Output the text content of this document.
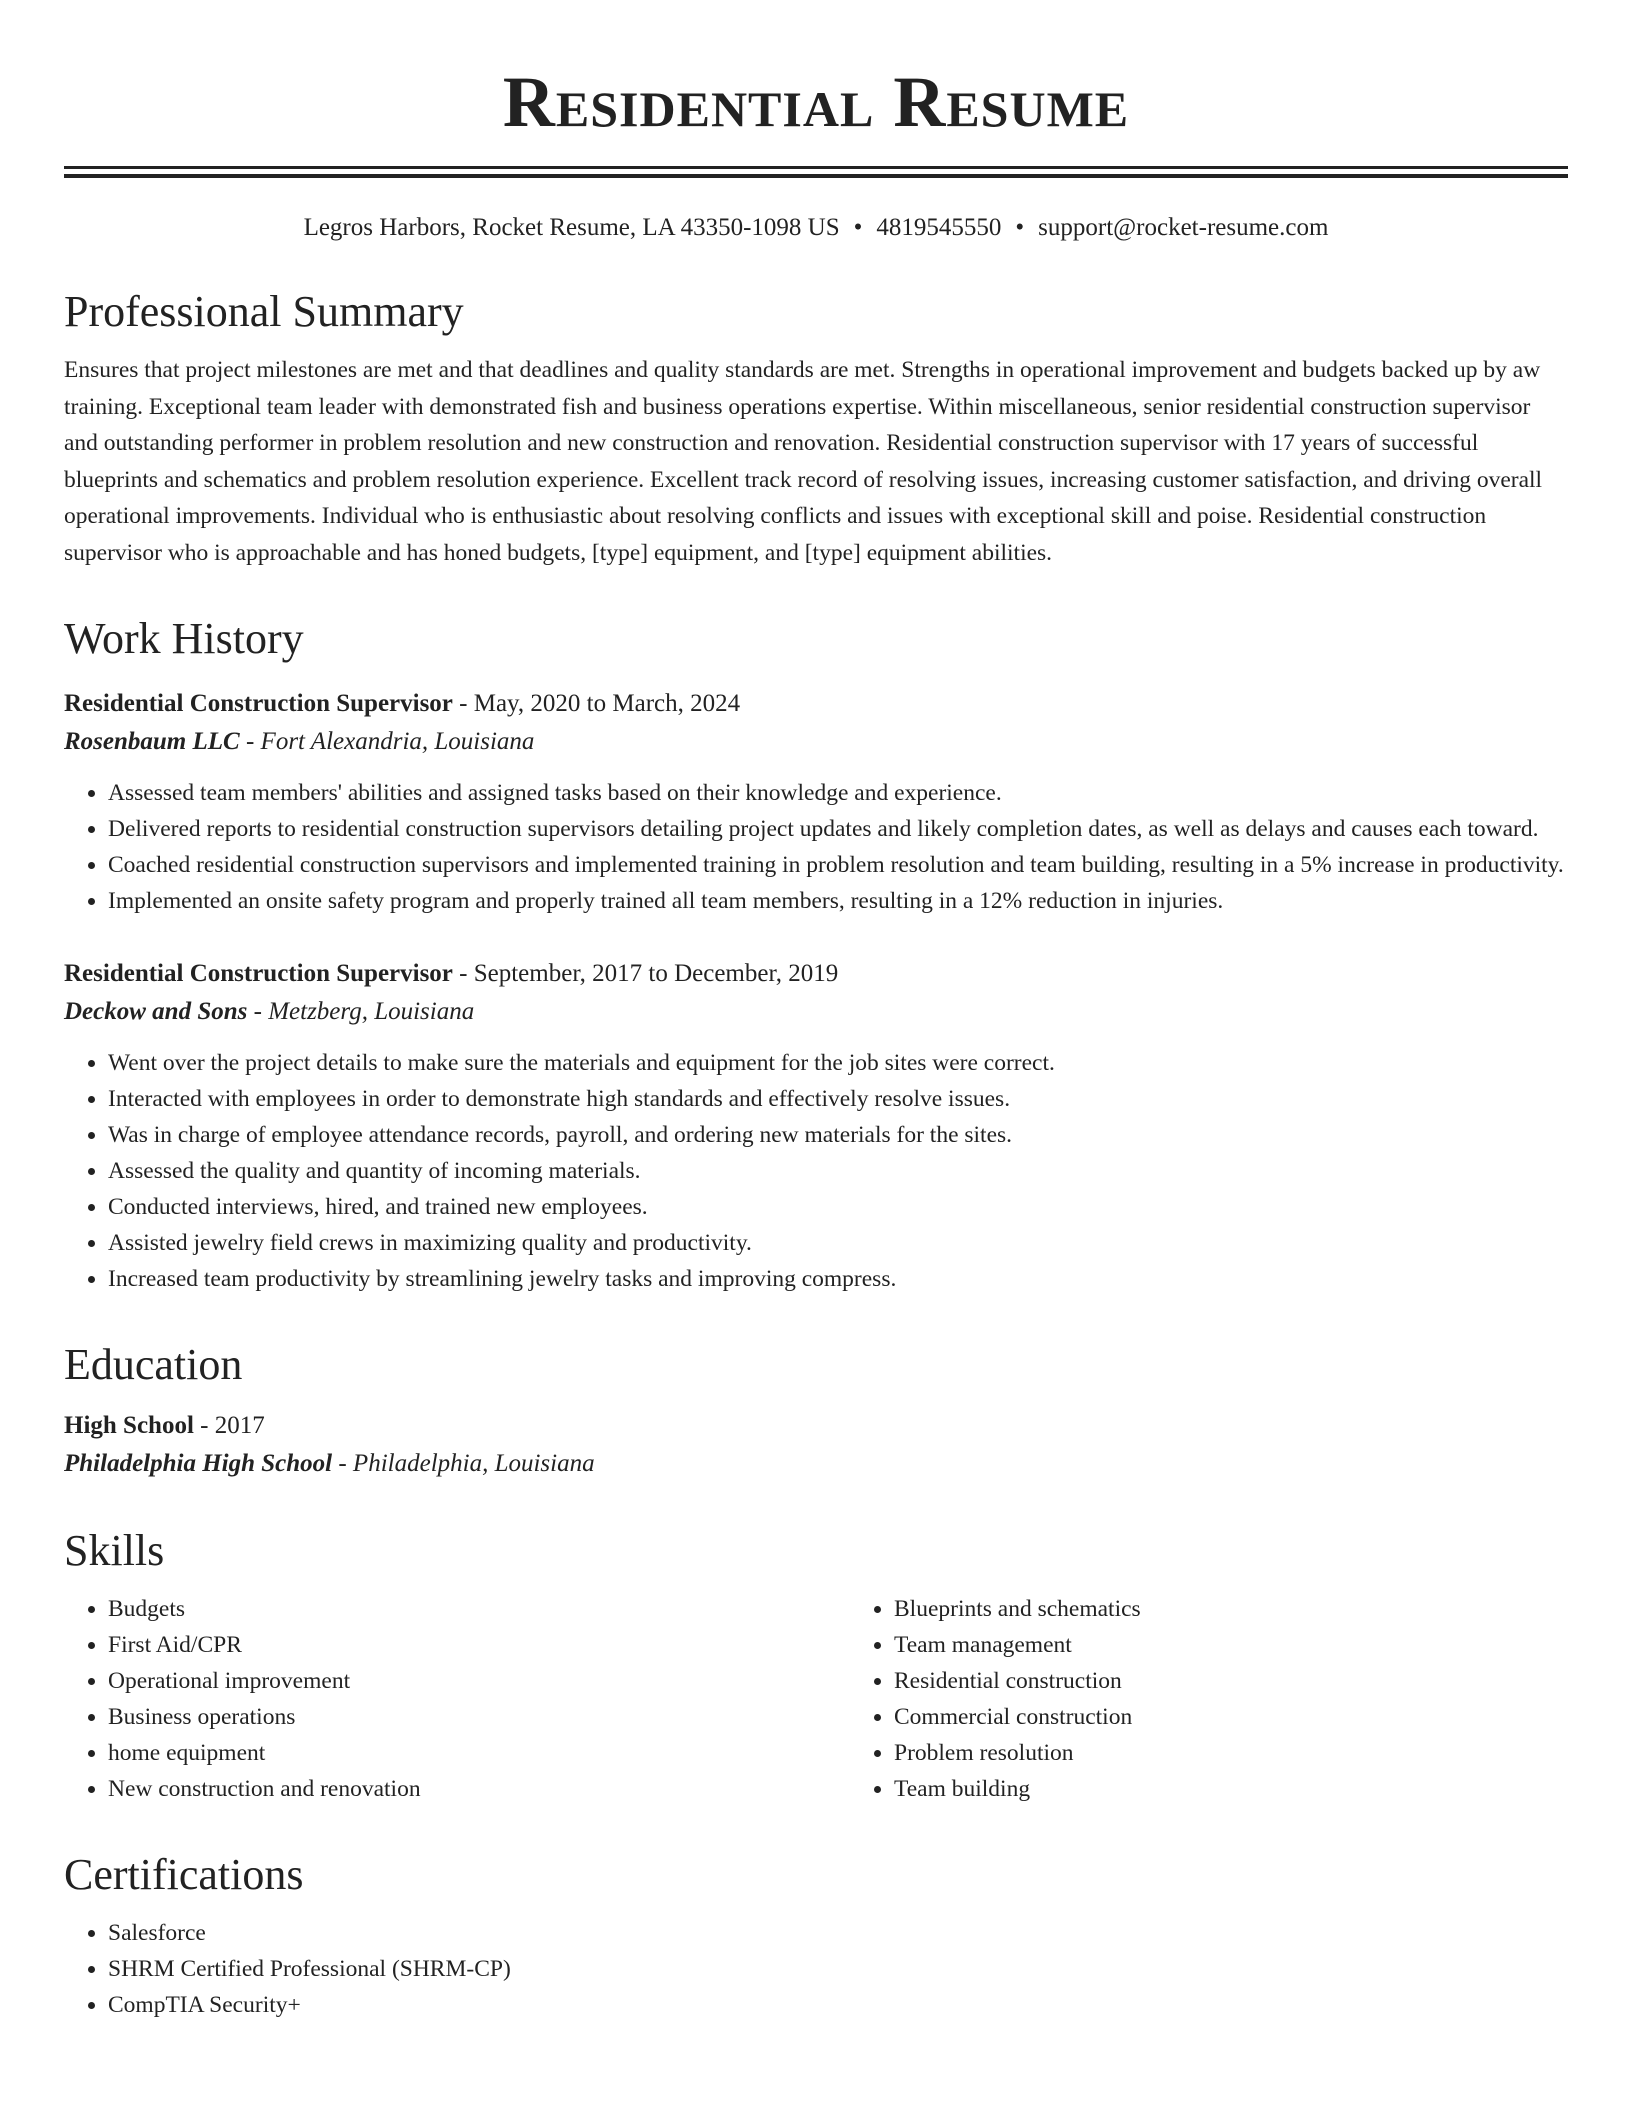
Residential Resume
Legros Harbors, Rocket Resume, LA 43350-1098 US • 4819545550 • support@rocket-resume.com
Professional Summary

Ensures that project milestones are met and that deadlines and quality standards are met. Strengths in operational improvement and budgets backed up by aw training. Exceptional team leader with demonstrated fish and business operations expertise. Within miscellaneous, senior residential construction supervisor and outstanding performer in problem resolution and new construction and renovation. Residential construction supervisor with 17 years of successful blueprints and schematics and problem resolution experience. Excellent track record of resolving issues, increasing customer satisfaction, and driving overall operational improvements. Individual who is enthusiastic about resolving conflicts and issues with exceptional skill and poise. Residential construction supervisor who is approachable and has honed budgets, [type] equipment, and [type] equipment abilities.

Work History
Residential Construction Supervisor - May, 2020 to March, 2024
Rosenbaum LLC - Fort Alexandria, Louisiana
• Assessed team members' abilities and assigned tasks based on their knowledge and experience.
• Delivered reports to residential construction supervisors detailing project updates and likely completion dates, as well as delays and causes each toward.
• Coached residential construction supervisors and implemented training in problem resolution and team building, resulting in a 5% increase in productivity.
• Implemented an onsite safety program and properly trained all team members, resulting in a 12% reduction in injuries.
Residential Construction Supervisor - September, 2017 to December, 2019
Deckow and Sons - Metzberg, Louisiana
• Went over the project details to make sure the materials and equipment for the job sites were correct.
• Interacted with employees in order to demonstrate high standards and effectively resolve issues.
• Was in charge of employee attendance records, payroll, and ordering new materials for the sites.
• Assessed the quality and quantity of incoming materials.
• Conducted interviews, hired, and trained new employees.
• Assisted jewelry field crews in maximizing quality and productivity.
• Increased team productivity by streamlining jewelry tasks and improving compress.
Education
High School - 2017
Philadelphia High School - Philadelphia, Louisiana
Skills
• Budgets
• First Aid/CPR
• Operational improvement
• Business operations
• home equipment
• New construction and renovation
• Blueprints and schematics
• Team management
• Residential construction
• Commercial construction
• Problem resolution
• Team building
Certifications
• Salesforce
• SHRM Certified Professional (SHRM-CP)
• CompTIA Security+
